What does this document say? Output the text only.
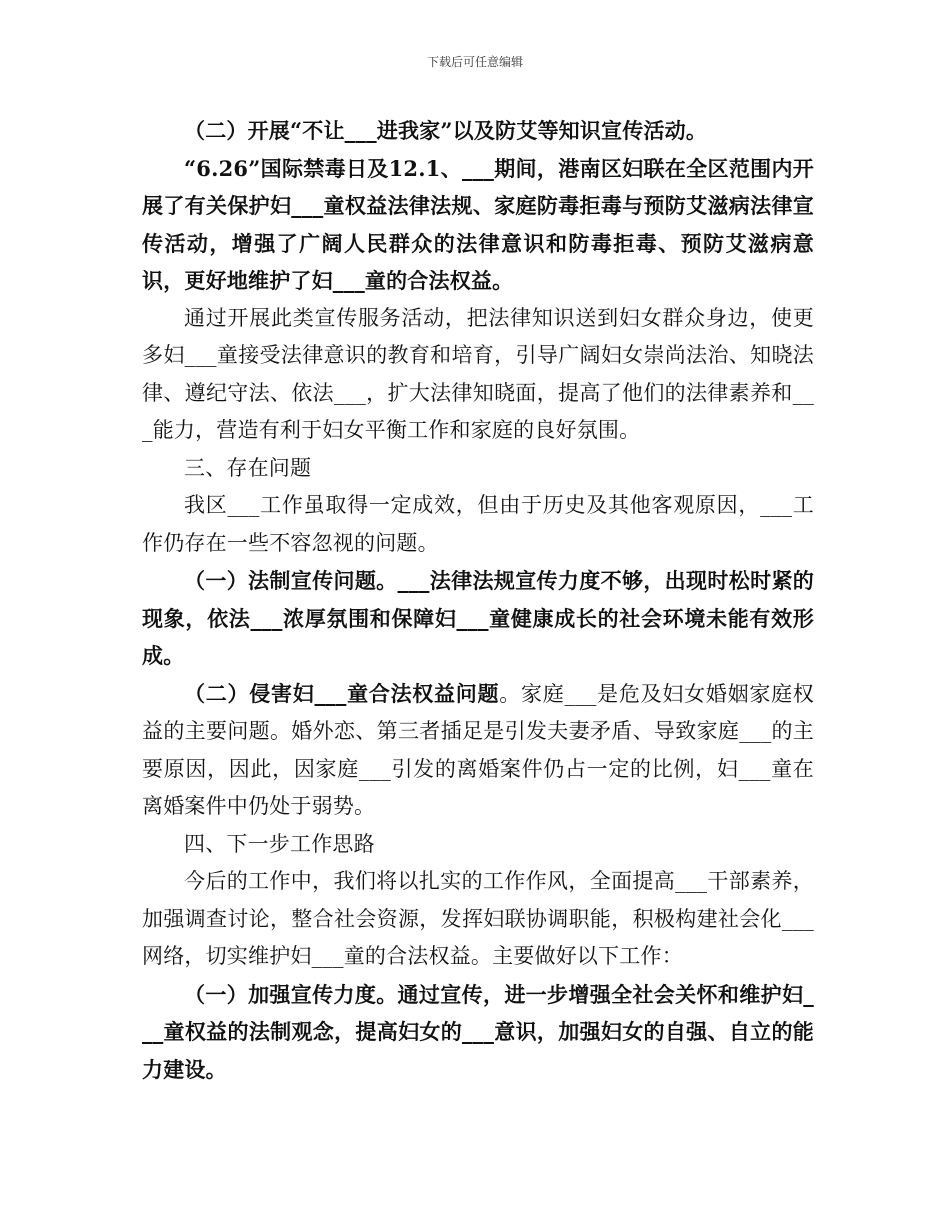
下载后可任意编辑

（二）开展“不让___进我家”以及防艾等知识宣传活动。

“6.26”国际禁毒日及12.1、___期间，港南区妇联在全区范围内开展了有关保护妇___童权益法律法规、家庭防毒拒毒与预防艾滋病法律宣传活动，增强了广阔人民群众的法律意识和防毒拒毒、预防艾滋病意识，更好地维护了妇___童的合法权益。

通过开展此类宣传服务活动，把法律知识送到妇女群众身边，使更多妇___童接受法律意识的教育和培育，引导广阔妇女崇尚法治、知晓法律、遵纪守法、依法___，扩大法律知晓面，提高了他们的法律素养和___能力，营造有利于妇女平衡工作和家庭的良好氛围。

三、存在问题

我区___工作虽取得一定成效，但由于历史及其他客观原因，___工作仍存在一些不容忽视的问题。

（一）法制宣传问题。___法律法规宣传力度不够，出现时松时紧的现象，依法___浓厚氛围和保障妇___童健康成长的社会环境未能有效形成。

（二）侵害妇___童合法权益问题。家庭___是危及妇女婚姻家庭权益的主要问题。婚外恋、第三者插足是引发夫妻矛盾、导致家庭___的主要原因，因此，因家庭___引发的离婚案件仍占一定的比例，妇___童在离婚案件中仍处于弱势。

四、下一步工作思路

今后的工作中，我们将以扎实的工作作风，全面提高___干部素养，加强调查讨论，整合社会资源，发挥妇联协调职能，积极构建社会化___网络，切实维护妇___童的合法权益。主要做好以下工作：

（一）加强宣传力度。通过宣传，进一步增强全社会关怀和维护妇___童权益的法制观念，提高妇女的___意识，加强妇女的自强、自立的能力建设。
